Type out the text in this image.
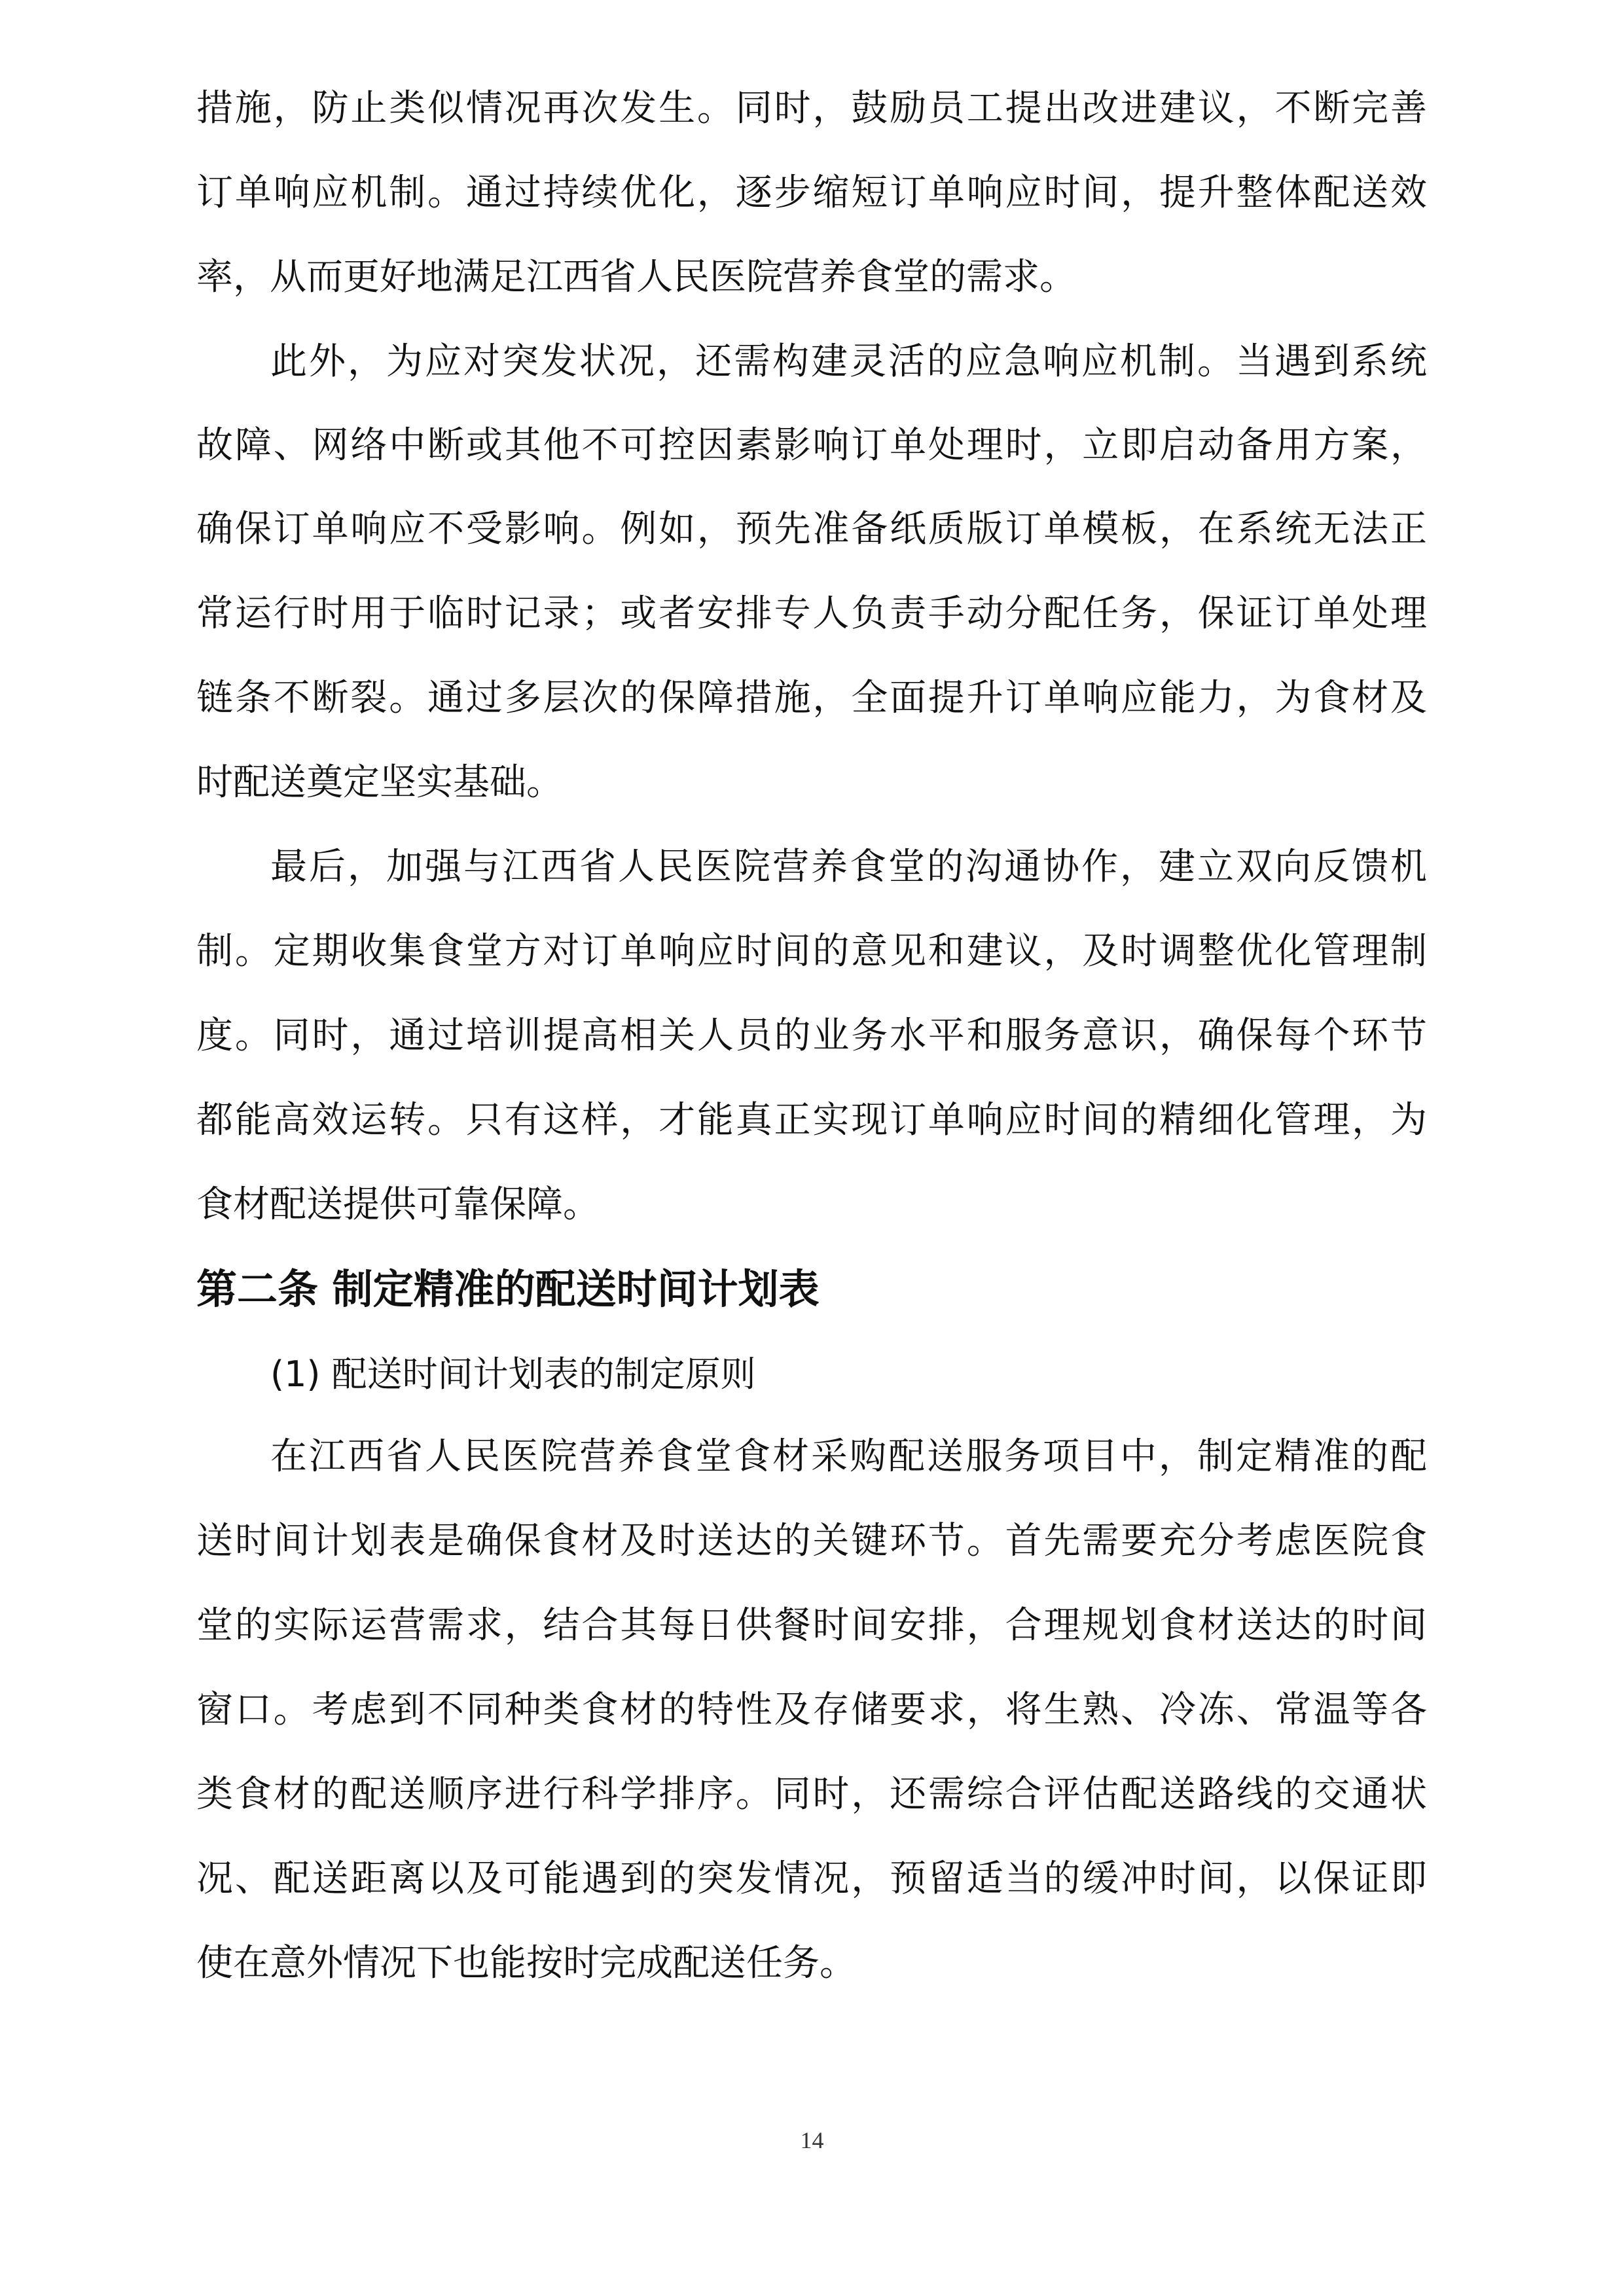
措施，防止类似情况再次发生。同时，鼓励员工提出改进建议，不断完善

订单响应机制。通过持续优化，逐步缩短订单响应时间，提升整体配送效

率，从而更好地满足江西省人民医院营养食堂的需求。

此外，为应对突发状况，还需构建灵活的应急响应机制。当遇到系统

故障、网络中断或其他不可控因素影响订单处理时，立即启动备用方案，

确保订单响应不受影响。例如，预先准备纸质版订单模板，在系统无法正

常运行时用于临时记录；或者安排专人负责手动分配任务，保证订单处理

链条不断裂。通过多层次的保障措施，全面提升订单响应能力，为食材及

时配送奠定坚实基础。

最后，加强与江西省人民医院营养食堂的沟通协作，建立双向反馈机

制。定期收集食堂方对订单响应时间的意见和建议，及时调整优化管理制

度。同时，通过培训提高相关人员的业务水平和服务意识，确保每个环节

都能高效运转。只有这样，才能真正实现订单响应时间的精细化管理，为

食材配送提供可靠保障。

第二条 制定精准的配送时间计划表

(1) 配送时间计划表的制定原则

在江西省人民医院营养食堂食材采购配送服务项目中，制定精准的配

送时间计划表是确保食材及时送达的关键环节。首先需要充分考虑医院食

堂的实际运营需求，结合其每日供餐时间安排，合理规划食材送达的时间

窗口。考虑到不同种类食材的特性及存储要求，将生熟、冷冻、常温等各

类食材的配送顺序进行科学排序。同时，还需综合评估配送路线的交通状

况、配送距离以及可能遇到的突发情况，预留适当的缓冲时间，以保证即

使在意外情况下也能按时完成配送任务。

14
